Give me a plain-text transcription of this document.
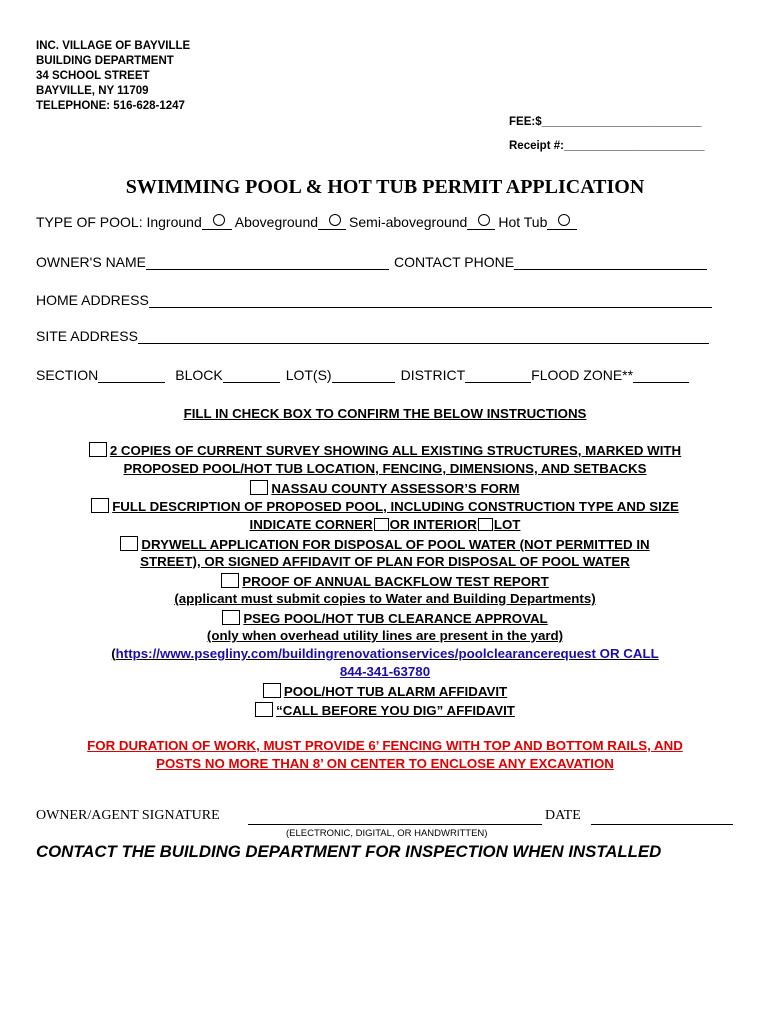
INC. VILLAGE OF BAYVILLE
BUILDING DEPARTMENT
34 SCHOOL STREET
BAYVILLE, NY 11709
TELEPHONE: 516-628-1247
FEE:$_________________________
Receipt #:______________________
SWIMMING POOL & HOT TUB PERMIT APPLICATION
TYPE OF POOL: Inground Aboveground Semi-aboveground Hot Tub
OWNER'S NAME	CONTACT PHONE
HOME ADDRESS
SITE ADDRESS
SECTION	BLOCK	LOT(S)	DISTRICT	FLOOD ZONE**
FILL IN CHECK BOX TO CONFIRM THE BELOW INSTRUCTIONS
2 COPIES OF CURRENT SURVEY SHOWING ALL EXISTING STRUCTURES, MARKED WITH
PROPOSED POOL/HOT TUB LOCATION, FENCING, DIMENSIONS, AND SETBACKS
NASSAU COUNTY ASSESSOR’S FORM
FULL DESCRIPTION OF PROPOSED POOL, INCLUDING CONSTRUCTION TYPE AND SIZE
INDICATE CORNER OR INTERIOR LOT
DRYWELL APPLICATION FOR DISPOSAL OF POOL WATER (NOT PERMITTED IN
STREET), OR SIGNED AFFIDAVIT OF PLAN FOR DISPOSAL OF POOL WATER
PROOF OF ANNUAL BACKFLOW TEST REPORT
(applicant must submit copies to Water and Building Departments)
PSEG POOL/HOT TUB CLEARANCE APPROVAL
(only when overhead utility lines are present in the yard)
(https://www.psegliny.com/buildingrenovationservices/poolclearancerequest OR CALL
844-341-63780
POOL/HOT TUB ALARM AFFIDAVIT
“CALL BEFORE YOU DIG” AFFIDAVIT
FOR DURATION OF WORK, MUST PROVIDE 6’ FENCING WITH TOP AND BOTTOM RAILS, AND
POSTS NO MORE THAN 8’ ON CENTER TO ENCLOSE ANY EXCAVATION
OWNER/AGENT SIGNATURE	DATE
(ELECTRONIC, DIGITAL, OR HANDWRITTEN)
CONTACT THE BUILDING DEPARTMENT FOR INSPECTION WHEN INSTALLED
